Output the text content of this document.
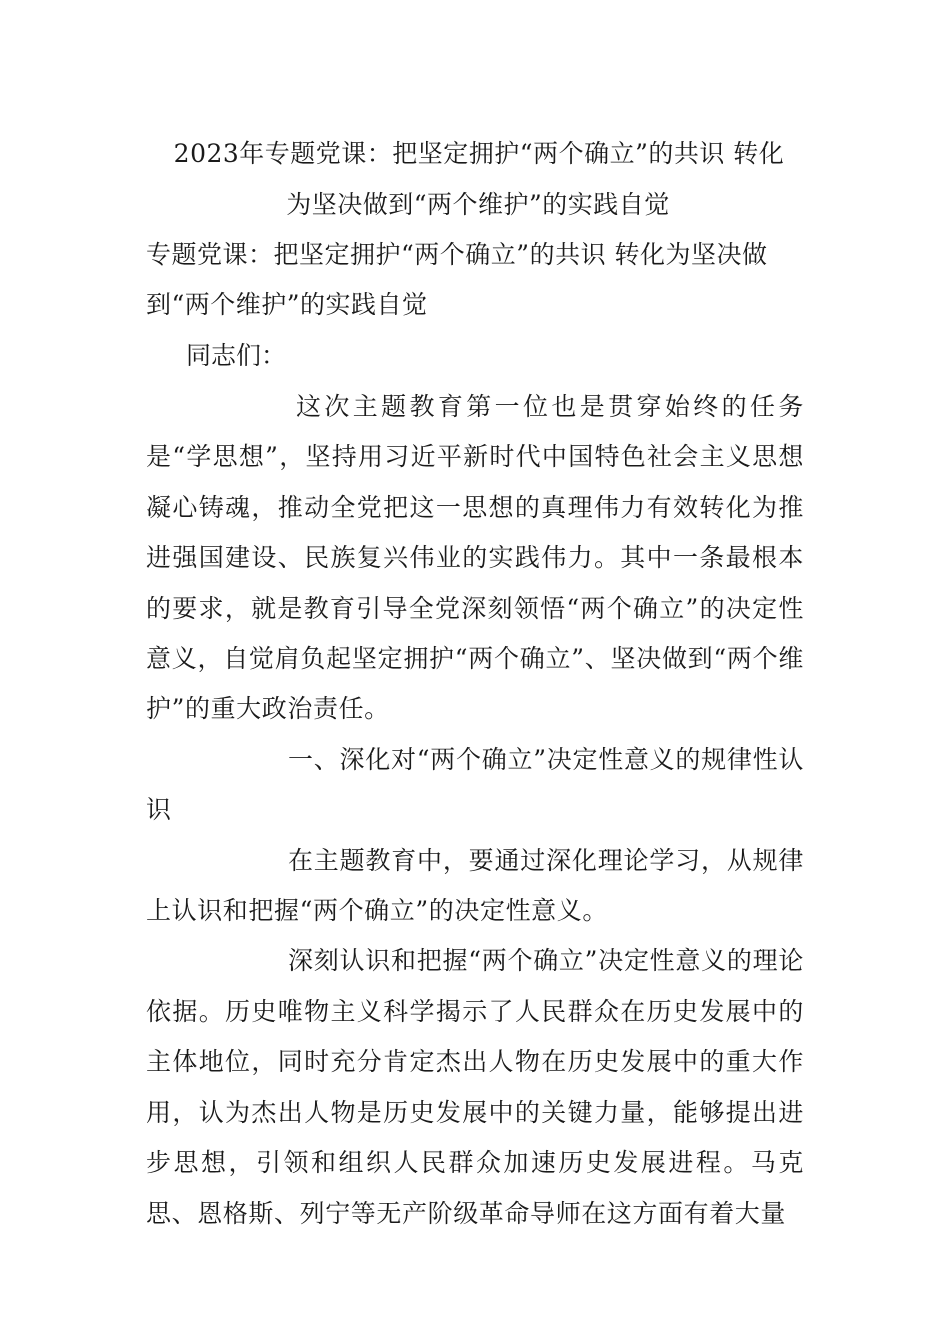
2023年专题党课：把坚定拥护“两个确立”的共识 转化
为坚决做到“两个维护”的实践自觉

专题党课：把坚定拥护“两个确立”的共识 转化为坚决做到“两个维护”的实践自觉

同志们：

这次主题教育第一位也是贯穿始终的任务是“学思想”，坚持用习近平新时代中国特色社会主义思想凝心铸魂，推动全党把这一思想的真理伟力有效转化为推进强国建设、民族复兴伟业的实践伟力。其中一条最根本的要求，就是教育引导全党深刻领悟“两个确立”的决定性意义，自觉肩负起坚定拥护“两个确立”、坚决做到“两个维护”的重大政治责任。

一、深化对“两个确立”决定性意义的规律性认识

在主题教育中，要通过深化理论学习，从规律上认识和把握“两个确立”的决定性意义。

深刻认识和把握“两个确立”决定性意义的理论依据。历史唯物主义科学揭示了人民群众在历史发展中的主体地位，同时充分肯定杰出人物在历史发展中的重大作用，认为杰出人物是历史发展中的关键力量，能够提出进步思想，引领和组织人民群众加速历史发展进程。马克思、恩格斯、列宁等无产阶级革命导师在这方面有着大量
